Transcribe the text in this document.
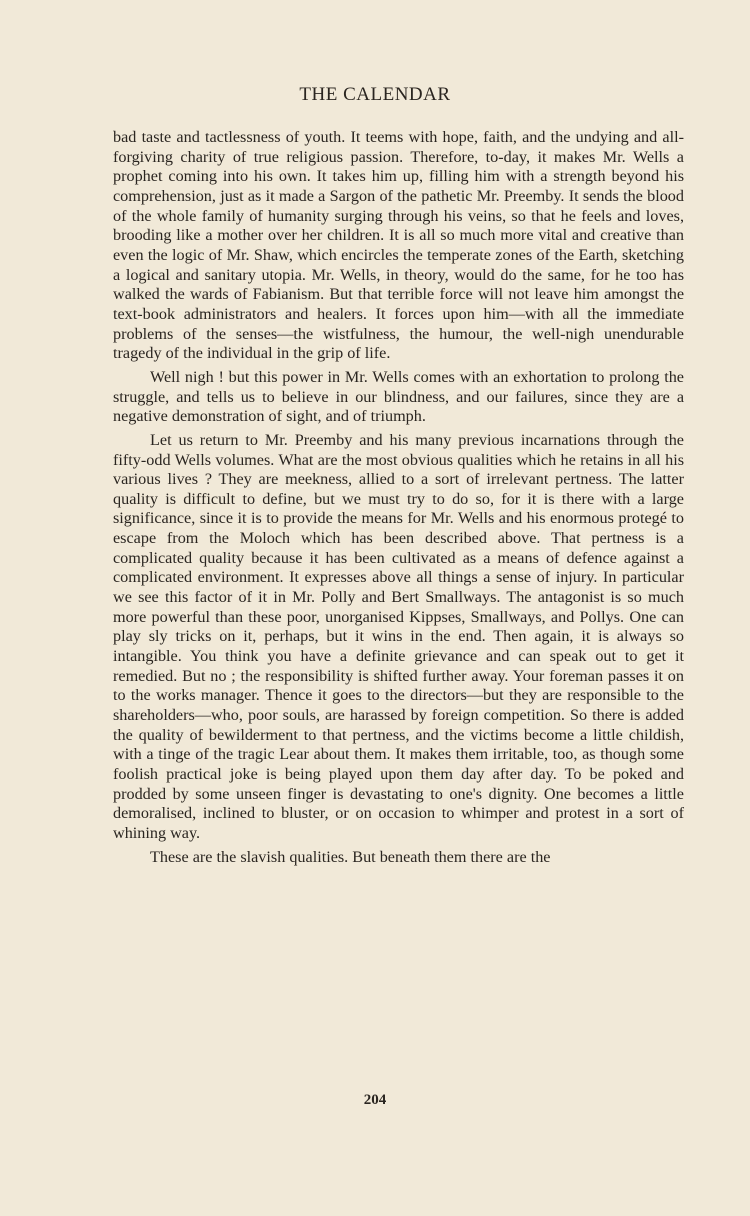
THE CALENDAR

bad taste and tactlessness of youth. It teems with hope, faith, and the undying and all-forgiving charity of true religious passion. Therefore, to-day, it makes Mr. Wells a prophet coming into his own. It takes him up, filling him with a strength beyond his comprehension, just as it made a Sargon of the pathetic Mr. Preemby. It sends the blood of the whole family of humanity surging through his veins, so that he feels and loves, brooding like a mother over her children. It is all so much more vital and creative than even the logic of Mr. Shaw, which encircles the temperate zones of the Earth, sketching a logical and sanitary utopia. Mr. Wells, in theory, would do the same, for he too has walked the wards of Fabianism. But that terrible force will not leave him amongst the text-book administrators and healers. It forces upon him—with all the immediate problems of the senses—the wistfulness, the humour, the well-nigh unendurable tragedy of the individual in the grip of life.

Well nigh ! but this power in Mr. Wells comes with an exhortation to prolong the struggle, and tells us to believe in our blindness, and our failures, since they are a negative demonstration of sight, and of triumph.

Let us return to Mr. Preemby and his many previous incarnations through the fifty-odd Wells volumes. What are the most obvious qualities which he retains in all his various lives ? They are meekness, allied to a sort of irrelevant pertness. The latter quality is difficult to define, but we must try to do so, for it is there with a large significance, since it is to provide the means for Mr. Wells and his enormous protegé to escape from the Moloch which has been described above. That pertness is a complicated quality because it has been cultivated as a means of defence against a complicated environment. It expresses above all things a sense of injury. In particular we see this factor of it in Mr. Polly and Bert Smallways. The antagonist is so much more powerful than these poor, unorganised Kippses, Smallways, and Pollys. One can play sly tricks on it, perhaps, but it wins in the end. Then again, it is always so intangible. You think you have a definite grievance and can speak out to get it remedied. But no ; the responsibility is shifted further away. Your foreman passes it on to the works manager. Thence it goes to the directors—but they are responsible to the shareholders—who, poor souls, are harassed by foreign competition. So there is added the quality of bewilderment to that pertness, and the victims become a little childish, with a tinge of the tragic Lear about them. It makes them irritable, too, as though some foolish practical joke is being played upon them day after day. To be poked and prodded by some unseen finger is devastating to one's dignity. One becomes a little demoralised, inclined to bluster, or on occasion to whimper and protest in a sort of whining way.

These are the slavish qualities. But beneath them there are the

204
